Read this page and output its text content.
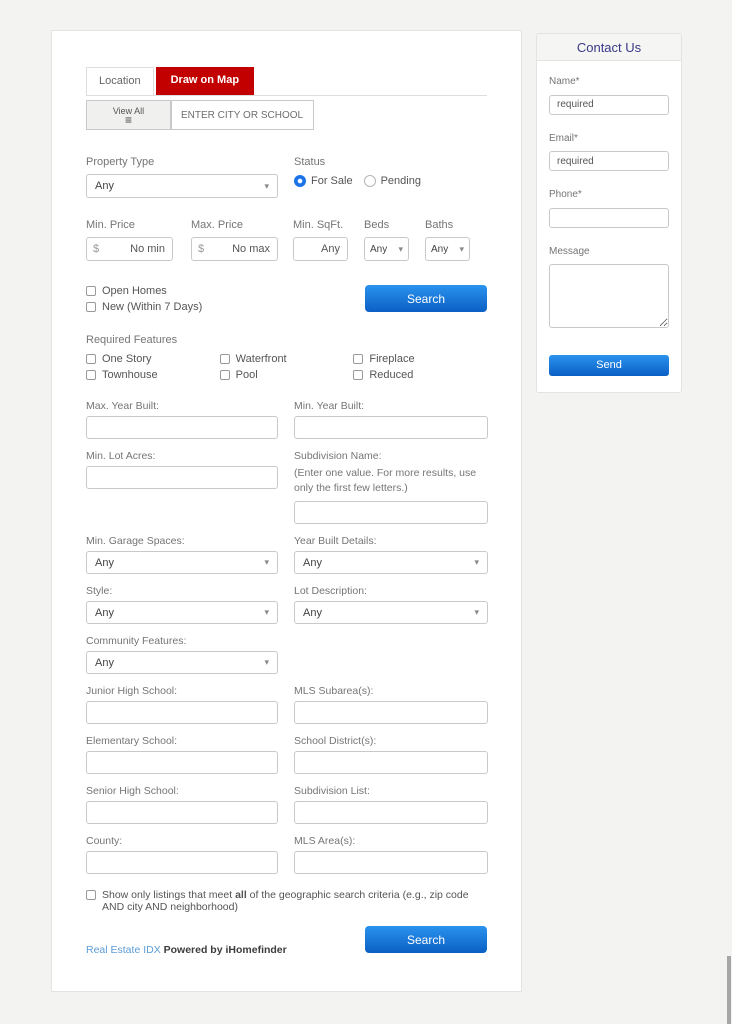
Location	Draw on Map
View All
≡
ENTER CITY OR SCHOOL DISTRIC
Property Type
Any	▾
Status
For Sale	Pending
Min. Price
$
No min
Max. Price
$
No max
Min. SqFt.
Any	Beds
Any ▾
Baths
Any ▾
Open Homes
New (Within 7 Days)
Search
Required Features
One Story
Townhouse
Waterfront
Pool
Fireplace
Reduced
Max. Year Built:	Min. Year Built:
Min. Lot Acres:	Subdivision Name:
(Enter one value. For more results, use only the first few letters.)
Min. Garage Spaces:
Any	▾
Year Built Details:
Any	▾
Style:
Any	▾
Lot Description:
Any	▾
Community Features:
Any	▾
Junior High School:	MLS Subarea(s):
Elementary School:	School District(s):
Senior High School:	Subdivision List:
County:	MLS Area(s):
Show only listings that meet all of the geographic search criteria (e.g., zip code AND city AND neighborhood)
Search
Real Estate IDX Powered by iHomefinder
Contact Us
Name*
required
Email*
required
Phone*
Message
Send
